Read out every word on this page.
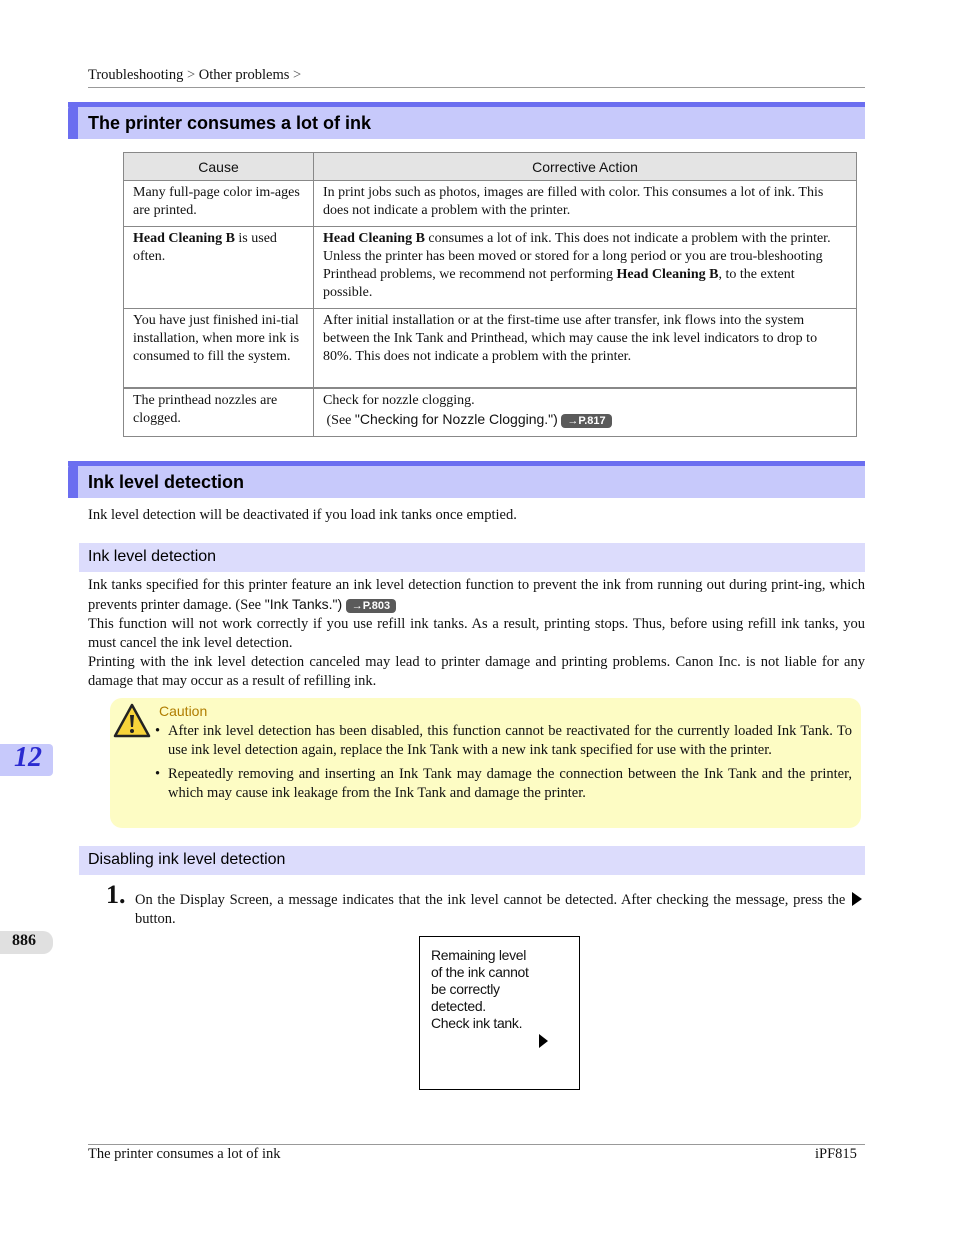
Troubleshooting > Other problems >
The printer consumes a lot of ink
Cause	Corrective Action
Many full-page color im-ages are printed.	In print jobs such as photos, images are filled with color. This consumes a lot of ink. This does not indicate a problem with the printer.
Head Cleaning B is used often.	Head Cleaning B consumes a lot of ink. This does not indicate a problem with the printer. Unless the printer has been moved or stored for a long period or you are trou-bleshooting Printhead problems, we recommend not performing Head Cleaning B, to the extent possible.
You have just finished ini-tial installation, when more ink is consumed to fill the system.	After initial installation or at the first-time use after transfer, ink flows into the system between the Ink Tank and Printhead, which may cause the ink level indicators to drop to 80%. This does not indicate a problem with the printer.
The printhead nozzles are clogged.	Check for nozzle clogging.
(See "Checking for Nozzle Clogging.") →P.817
Ink level detection
Ink level detection will be deactivated if you load ink tanks once emptied.
Ink level detection
Ink tanks specified for this printer feature an ink level detection function to prevent the ink from running out during print-ing, which prevents printer damage. (See "Ink Tanks.") →P.803
This function will not work correctly if you use refill ink tanks. As a result, printing stops. Thus, before using refill ink tanks, you must cancel the ink level detection.
Printing with the ink level detection canceled may lead to printer damage and printing problems. Canon Inc. is not liable for any damage that may occur as a result of refilling ink.
Caution
• After ink level detection has been disabled, this function cannot be reactivated for the currently loaded Ink Tank. To use ink level detection again, replace the Ink Tank with a new ink tank specified for use with the printer.
• Repeatedly removing and inserting an Ink Tank may damage the connection between the Ink Tank and the printer, which may cause ink leakage from the Ink Tank and damage the printer.
12
Disabling ink level detection
1. On the Display Screen, a message indicates that the ink level cannot be detected. After checking the message, press the  button.
886
Remaining level
of the ink cannot
be correctly
detected.
Check ink tank.
The printer consumes a lot of ink	iPF815
